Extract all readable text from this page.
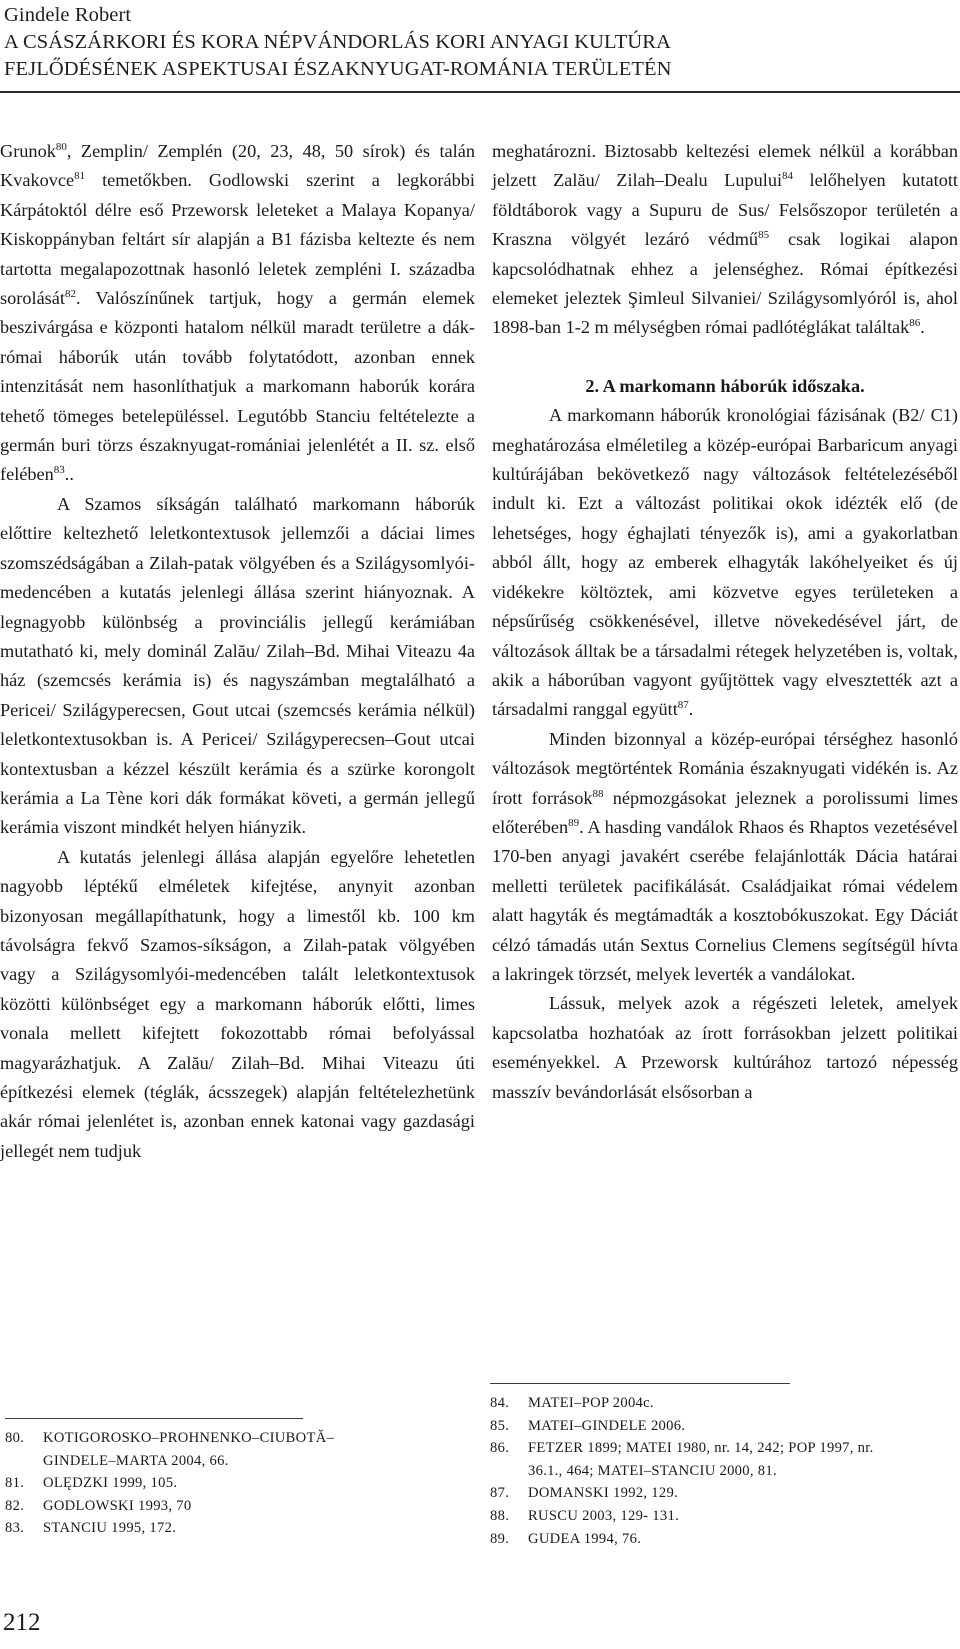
Gindele Robert
A CSÁSZÁRKORI ÉS KORA NÉPVÁNDORLÁS KORI ANYAGI KULTÚRA
FEJLŐDÉSÉNEK ASPEKTUSAI ÉSZAKNYUGAT-ROMÁNIA TERÜLETÉN

Grunok$^{80}$, Zemplin/ Zemplén (20, 23, 48, 50 sírok) és talán Kvakovce$^{81}$ temetőkben. Godlowski szerint a legkorábbi Kárpátoktól délre eső Przeworsk leleteket a Malaya Kopanya/ Kiskoppányban feltárt sír alapján a B1 fázisba keltezte és nem tartotta megalapozottnak hasonló leletek zempléni I. századba sorolását$^{82}$. Valószínűnek tartjuk, hogy a germán elemek beszivárgása e központi hatalom nélkül maradt területre a dák-római háborúk után tovább folytatódott, azonban ennek intenzitását nem hasonlíthatjuk a markomann haborúk korára tehető tömeges betelepüléssel. Legutóbb Stanciu feltételezte a germán buri törzs északnyugat-romániai jelenlétét a II. sz. első felében$^{83}$..

A Szamos síkságán található markomann háborúk előttire keltezhető leletkontextusok jellemzői a dáciai limes szomszédságában a Zilah-patak völgyében és a Szilágysomlyói-medencében a kutatás jelenlegi állása szerint hiányoznak. A legnagyobb különbség a provinciális jellegű kerámiában mutatható ki, mely dominál Zalău/ Zilah–Bd. Mihai Viteazu 4a ház (szemcsés kerámia is) és nagyszámban megtalálható a Pericei/ Szilágyperecsen, Gout utcai (szemcsés kerámia nélkül) leletkontextusokban is. A Pericei/ Szilágyperecsen–Gout utcai kontextusban a kézzel készült kerámia és a szürke korongolt kerámia a La Tène kori dák formákat követi, a germán jellegű kerámia viszont mindkét helyen hiányzik.

A kutatás jelenlegi állása alapján egyelőre lehetetlen nagyobb léptékű elméletek kifejtése, anynyit azonban bizonyosan megállapíthatunk, hogy a limestől kb. 100 km távolságra fekvő Szamos-síkságon, a Zilah-patak völgyében vagy a Szilágysomlyói-medencében talált leletkontextusok közötti különbséget egy a markomann háborúk előtti, limes vonala mellett kifejtett fokozottabb római befolyással magyarázhatjuk. A Zalău/ Zilah–Bd. Mihai Viteazu úti építkezési elemek (téglák, ácsszegek) alapján feltételezhetünk akár római jelenlétet is, azonban ennek katonai vagy gazdasági jellegét nem tudjuk

meghatározni. Biztosabb keltezési elemek nélkül a korábban jelzett Zalău/ Zilah–Dealu Lupului$^{84}$ lelőhelyen kutatott földtáborok vagy a Supuru de Sus/ Felsőszopor területén a Kraszna völgyét lezáró védmű$^{85}$ csak logikai alapon kapcsolódhatnak ehhez a jelenséghez. Római építkezési elemeket jeleztek Şimleul Silvaniei/ Szilágysomlyóról is, ahol 1898-ban 1-2 m mélységben római padlótéglákat találtak$^{86}$.

2. A markomann háborúk időszaka.

A markomann háborúk kronológiai fázisának (B2/ C1) meghatározása elméletileg a közép-európai Barbaricum anyagi kultúrájában bekövetkező nagy változások feltételezéséből indult ki. Ezt a változást politikai okok idézték elő (de lehetséges, hogy éghajlati tényezők is), ami a gyakorlatban abból állt, hogy az emberek elhagyták lakóhelyeiket és új vidékekre költöztek, ami közvetve egyes területeken a népsűrűség csökkenésével, illetve növekedésével járt, de változások álltak be a társadalmi rétegek helyzetében is, voltak, akik a háborúban vagyont gyűjtöttek vagy elvesztették azt a társadalmi ranggal együtt$^{87}$.

Minden bizonnyal a közép-európai térséghez hasonló változások megtörténtek Románia északnyugati vidékén is. Az írott források$^{88}$ népmozgásokat jeleznek a porolissumi limes előterében$^{89}$. A hasding vandálok Rhaos és Rhaptos vezetésével 170-ben anyagi javakért cserébe felajánlották Dácia határai melletti területek pacifikálását. Családjaikat római védelem alatt hagyták és megtámadták a kosztobókuszokat. Egy Dáciát célzó támadás után Sextus Cornelius Clemens segítségül hívta a lakringek törzsét, melyek leverték a vandálokat.

Lássuk, melyek azok a régészeti leletek, amelyek kapcsolatba hozhatóak az írott forrásokban jelzett politikai eseményekkel. A Przeworsk kultúrához tartozó népesség masszív bevándorlását elsősorban a

80.	KOTIGOROSKO–PROHNENKO–CIUBOTĂ–
GINDELE–MARTA 2004, 66.
81.	OLĘDZKI 1999, 105.
82.	GODLOWSKI 1993, 70
83.	STANCIU 1995, 172.
84.	MATEI–POP 2004c.
85.	MATEI–GINDELE 2006.
86.	FETZER 1899; MATEI 1980, nr. 14, 242; POP 1997, nr.
36.1., 464; MATEI–STANCIU 2000, 81.
87.	DOMANSKI 1992, 129.
88.	RUSCU 2003, 129- 131.
89.	GUDEA 1994, 76.
212
